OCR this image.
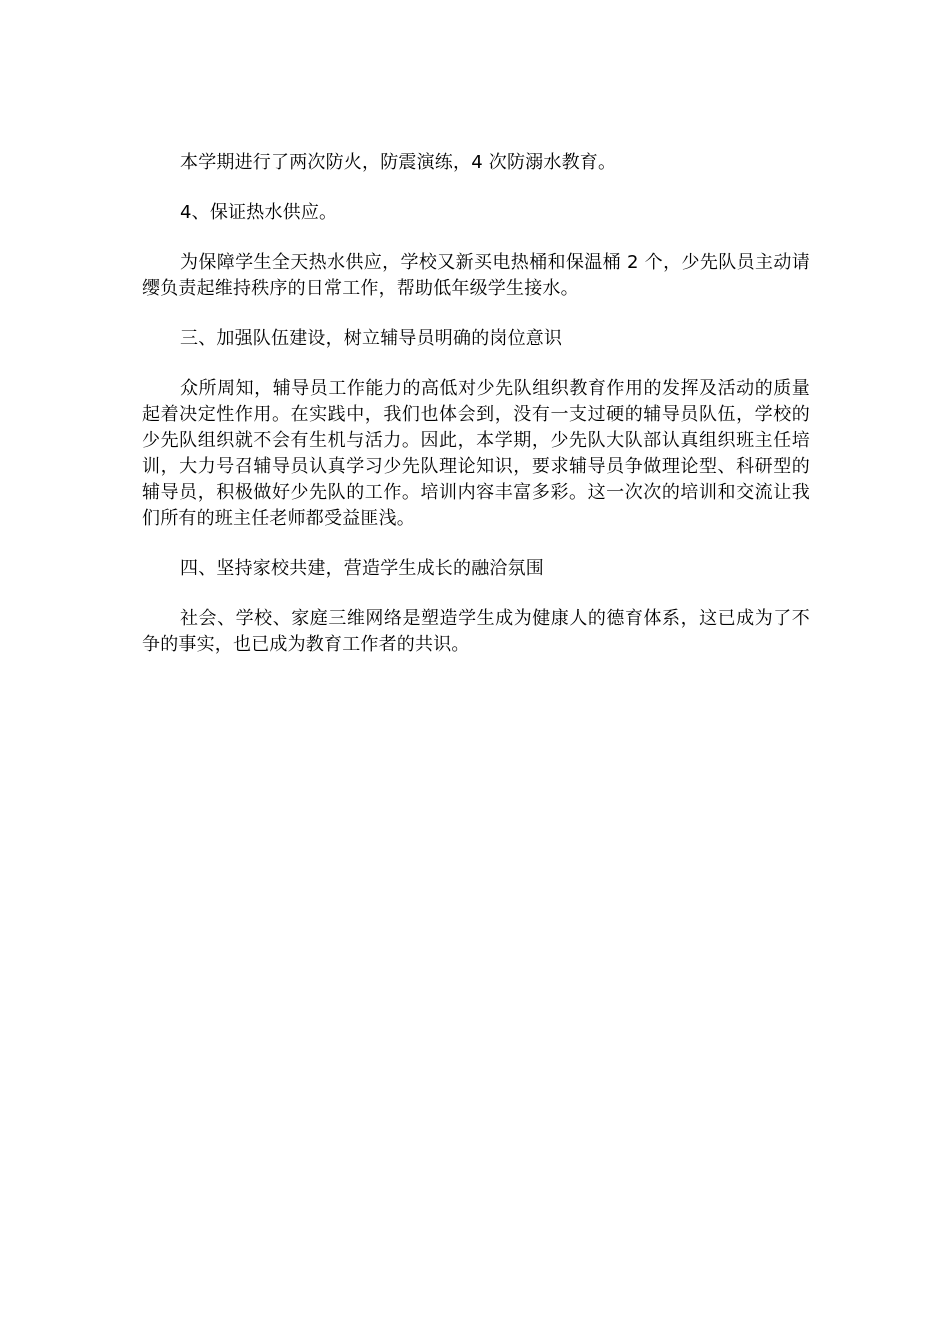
本学期进行了两次防火，防震演练，4 次防溺水教育。

4、保证热水供应。

为保障学生全天热水供应，学校又新买电热桶和保温桶 2 个，少先队员主动请缨负责起维持秩序的日常工作，帮助低年级学生接水。

三、加强队伍建设，树立辅导员明确的岗位意识

众所周知，辅导员工作能力的高低对少先队组织教育作用的发挥及活动的质量起着决定性作用。在实践中，我们也体会到，没有一支过硬的辅导员队伍，学校的少先队组织就不会有生机与活力。因此，本学期，少先队大队部认真组织班主任培训，大力号召辅导员认真学习少先队理论知识，要求辅导员争做理论型、科研型的辅导员，积极做好少先队的工作。培训内容丰富多彩。这一次次的培训和交流让我们所有的班主任老师都受益匪浅。

四、坚持家校共建，营造学生成长的融洽氛围

社会、学校、家庭三维网络是塑造学生成为健康人的德育体系，这已成为了不争的事实，也已成为教育工作者的共识。
